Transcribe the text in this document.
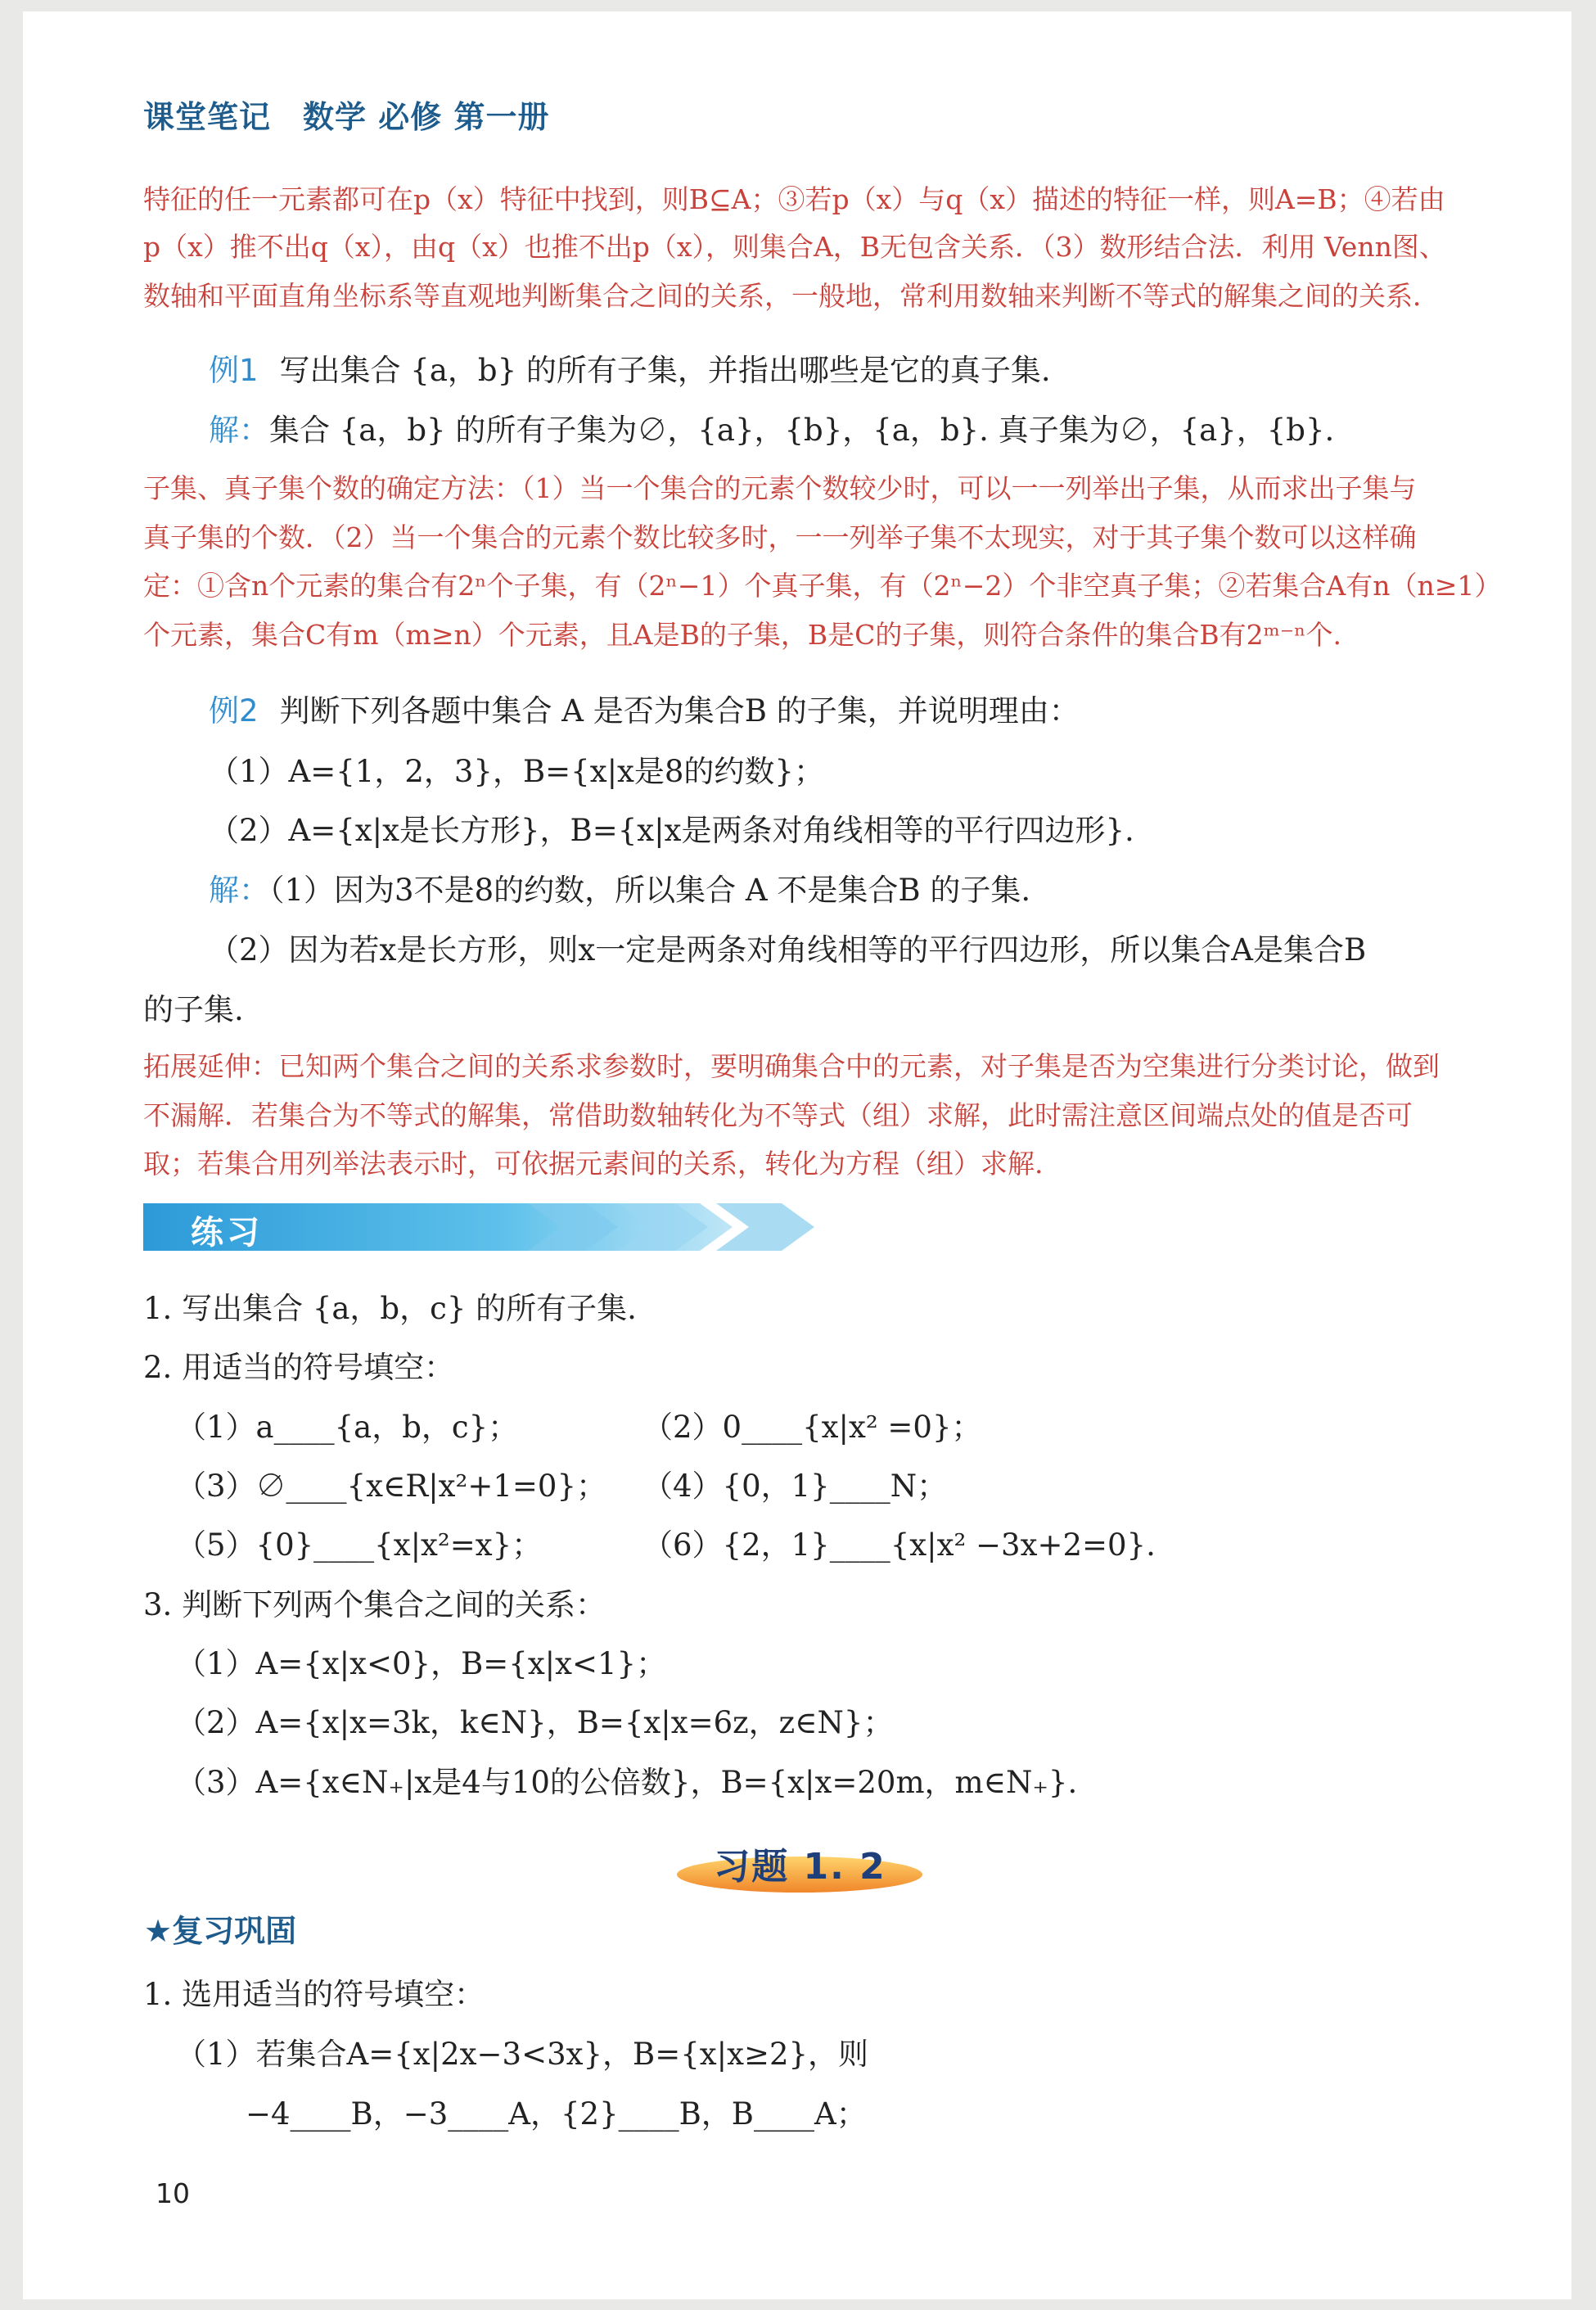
课堂笔记　数学 必修 第一册
特征的任一元素都可在p（x）特征中找到，则B⊆A；③若p（x）与q（x）描述的特征一样，则A=B；④若由
p（x）推不出q（x），由q（x）也推不出p（x），则集合A，B无包含关系．（3）数形结合法．利用 Venn图、
数轴和平面直角坐标系等直观地判断集合之间的关系，一般地，常利用数轴来判断不等式的解集之间的关系．
例1 写出集合 {a，b} 的所有子集，并指出哪些是它的真子集.
解：集合 {a，b} 的所有子集为∅，{a}，{b}，{a，b}. 真子集为∅，{a}，{b}.
子集、真子集个数的确定方法：（1）当一个集合的元素个数较少时，可以一一列举出子集，从而求出子集与
真子集的个数．（2）当一个集合的元素个数比较多时，一一列举子集不太现实，对于其子集个数可以这样确
定：①含n个元素的集合有2ⁿ个子集，有（2ⁿ−1）个真子集，有（2ⁿ−2）个非空真子集；②若集合A有n（n≥1）
个元素，集合C有m（m≥n）个元素，且A是B的子集，B是C的子集，则符合条件的集合B有2ᵐ⁻ⁿ个.
例2 判断下列各题中集合 A 是否为集合B 的子集，并说明理由：
（1）A={1，2，3}，B={x|x是8的约数}；
（2）A={x|x是长方形}，B={x|x是两条对角线相等的平行四边形}.
解：（1）因为3不是8的约数，所以集合 A 不是集合B 的子集.
（2）因为若x是长方形，则x一定是两条对角线相等的平行四边形，所以集合A是集合B
的子集.
拓展延伸：已知两个集合之间的关系求参数时，要明确集合中的元素，对子集是否为空集进行分类讨论，做到
不漏解．若集合为不等式的解集，常借助数轴转化为不等式（组）求解，此时需注意区间端点处的值是否可
取；若集合用列举法表示时，可依据元素间的关系，转化为方程（组）求解.
练习
1. 写出集合 {a，b，c} 的所有子集.
2. 用适当的符号填空：
（1）a____{a，b，c}；	（2）0____{x|x² =0}；
（3）∅____{x∈R|x²+1=0}； （4）{0，1}____N；
（5）{0}____{x|x²=x}；	（6）{2，1}____{x|x² −3x+2=0}.
3. 判断下列两个集合之间的关系：
（1）A={x|x<0}，B={x|x<1}；
（2）A={x|x=3k，k∈N}，B={x|x=6z，z∈N}；
（3）A={x∈N₊|x是4与10的公倍数}，B={x|x=20m，m∈N₊}.
习题 1. 2
★复习巩固
1. 选用适当的符号填空：
（1）若集合A={x|2x−3<3x}，B={x|x≥2}，则
−4____B，−3____A，{2}____B，B____A；
10
